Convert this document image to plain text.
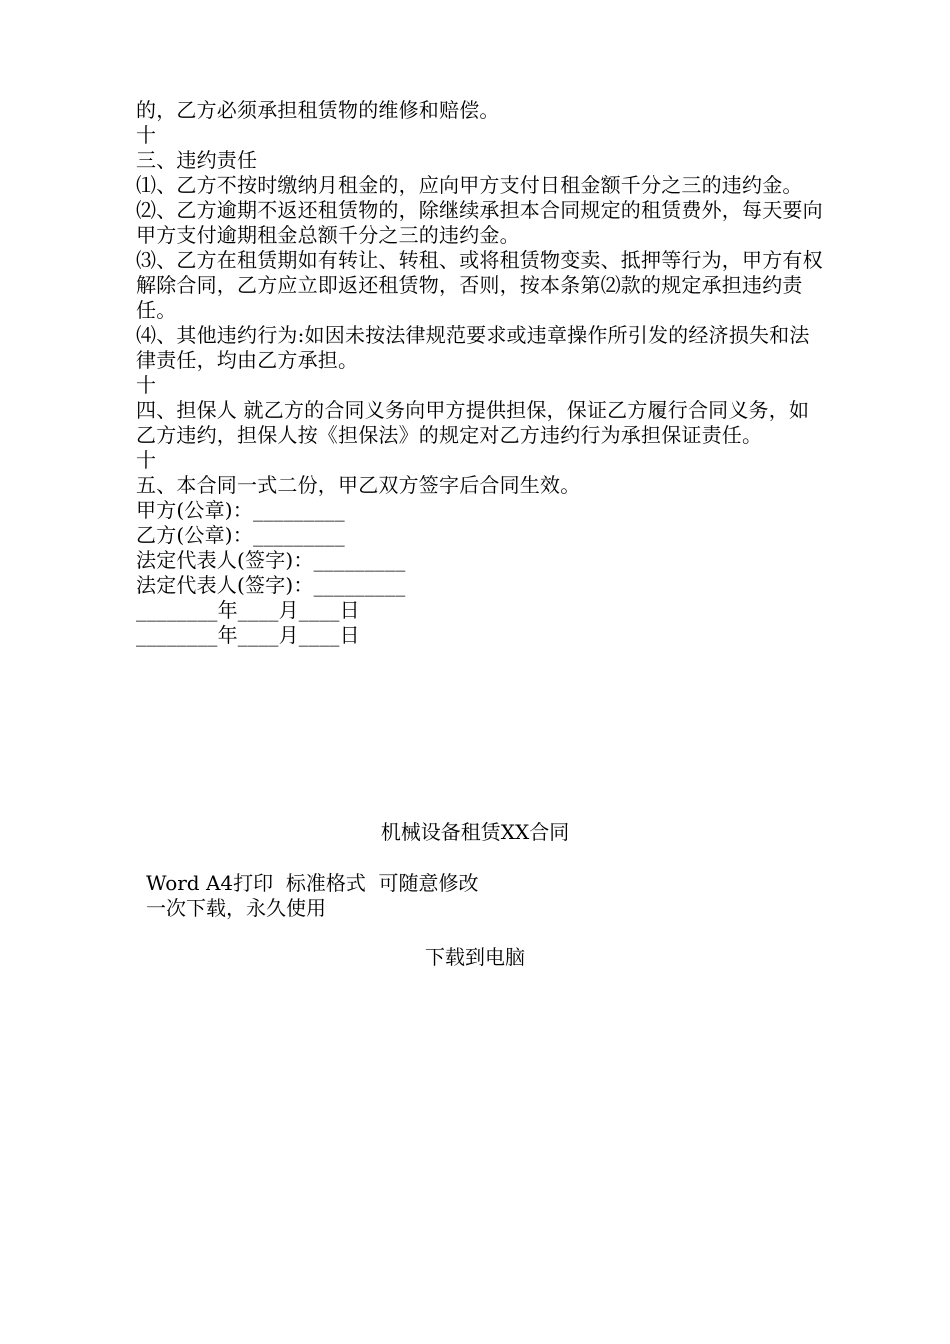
的，乙方必须承担租赁物的维修和赔偿。
十
三、违约责任
⑴、乙方不按时缴纳月租金的，应向甲方支付日租金额千分之三的违约金。
⑵、乙方逾期不返还租赁物的，除继续承担本合同规定的租赁费外，每天要向甲方支付逾期租金总额千分之三的违约金。
⑶、乙方在租赁期如有转让、转租、或将租赁物变卖、抵押等行为，甲方有权解除合同，乙方应立即返还租赁物，否则，按本条第⑵款的规定承担违约责任。
⑷、其他违约行为:如因未按法律规范要求或违章操作所引发的经济损失和法律责任，均由乙方承担。
十
四、担保人 就乙方的合同义务向甲方提供担保，保证乙方履行合同义务，如乙方违约，担保人按《担保法》的规定对乙方违约行为承担保证责任。
十
五、本合同一式二份，甲乙双方签字后合同生效。
甲方(公章)：_________
乙方(公章)：_________
法定代表人(签字)：_________
法定代表人(签字)：_________
________年____月____日
________年____月____日
机械设备租赁XX合同
Word A4打印  标准格式  可随意修改
一次下载，永久使用
下载到电脑
